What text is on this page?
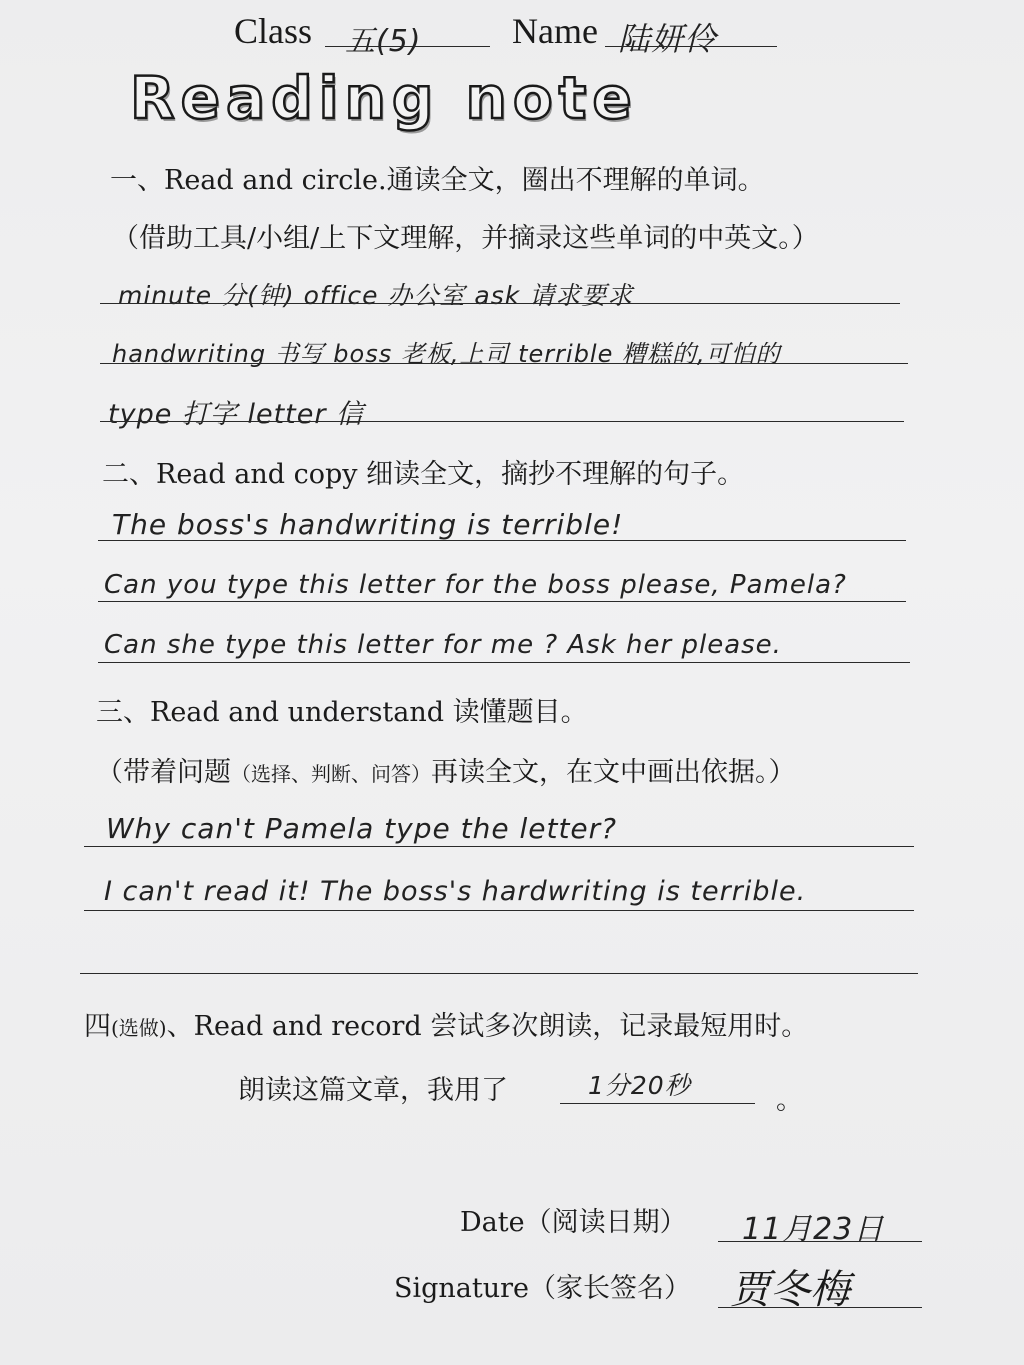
Class 五(5)	Name 陆妍伶
Reading note
一、Read and circle.通读全文，圈出不理解的单词。
（借助工具/小组/上下文理解，并摘录这些单词的中英文。）
minute 分(钟) office 办公室 ask 请求要求
handwriting 书写 boss 老板,上司 terrible 糟糕的,可怕的
type 打字 letter 信
二、Read and copy 细读全文，摘抄不理解的句子。
The boss's handwriting is terrible!
Can you type this letter for the boss please, Pamela?
Can she type this letter for me ? Ask her please.
三、Read and understand 读懂题目。
（带着问题（选择、判断、问答）再读全文，在文中画出依据。）
Why can't Pamela type the letter?
I can't read it! The boss's hardwriting is terrible.
四(选做)、Read and record 尝试多次朗读，记录最短用时。
朗读这篇文章，我用了	1分20秒	。
Date（阅读日期） 11月23日
Signature（家长签名） 贾冬梅
